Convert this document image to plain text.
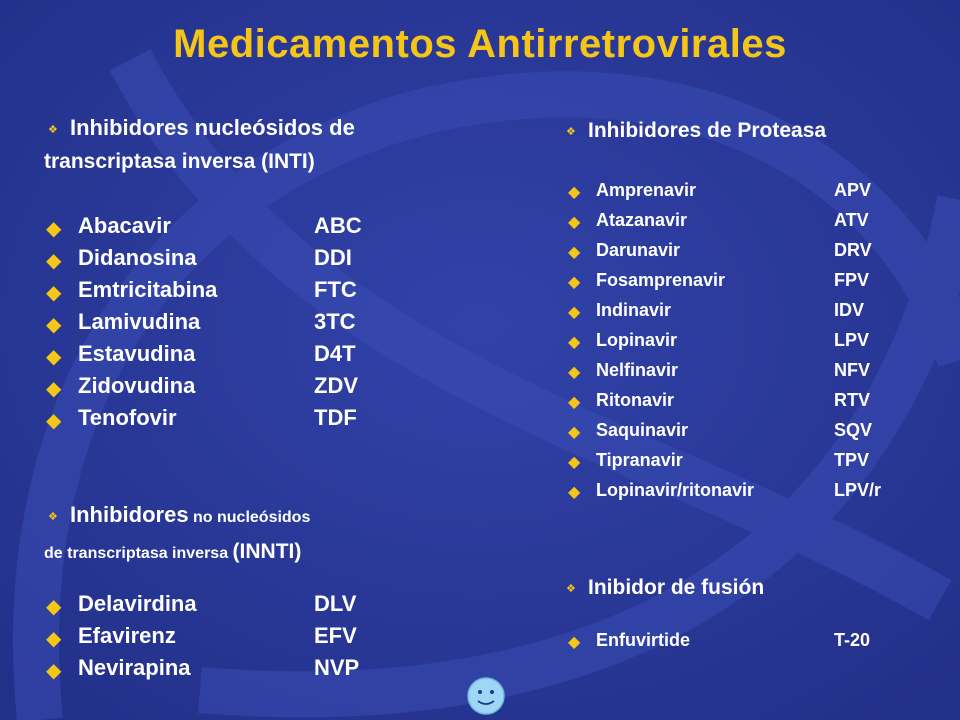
Medicamentos Antirretrovirales
❖ Inhibidores nucleósidos de
transcriptasa inversa (INTI)
◆ Abacavir	ABC
◆ Didanosina	DDI
◆ Emtricitabina	FTC
◆ Lamivudina	3TC
◆ Estavudina	D4T
◆ Zidovudina	ZDV
◆ Tenofovir	TDF
❖ Inhibidores no nucleósidos
de transcriptasa inversa (INNTI)
◆ Delavirdina	DLV
◆ Efavirenz	EFV
◆ Nevirapina	NVP
❖ Inhibidores de Proteasa
◆ Amprenavir	APV
◆ Atazanavir	ATV
◆ Darunavir	DRV
◆ Fosamprenavir	FPV
◆ Indinavir	IDV
◆ Lopinavir	LPV
◆ Nelfinavir	NFV
◆ Ritonavir	RTV
◆ Saquinavir	SQV
◆ Tipranavir	TPV
◆ Lopinavir/ritonavir	LPV/r
❖ Inibidor de fusión
◆ Enfuvirtide	T-20
